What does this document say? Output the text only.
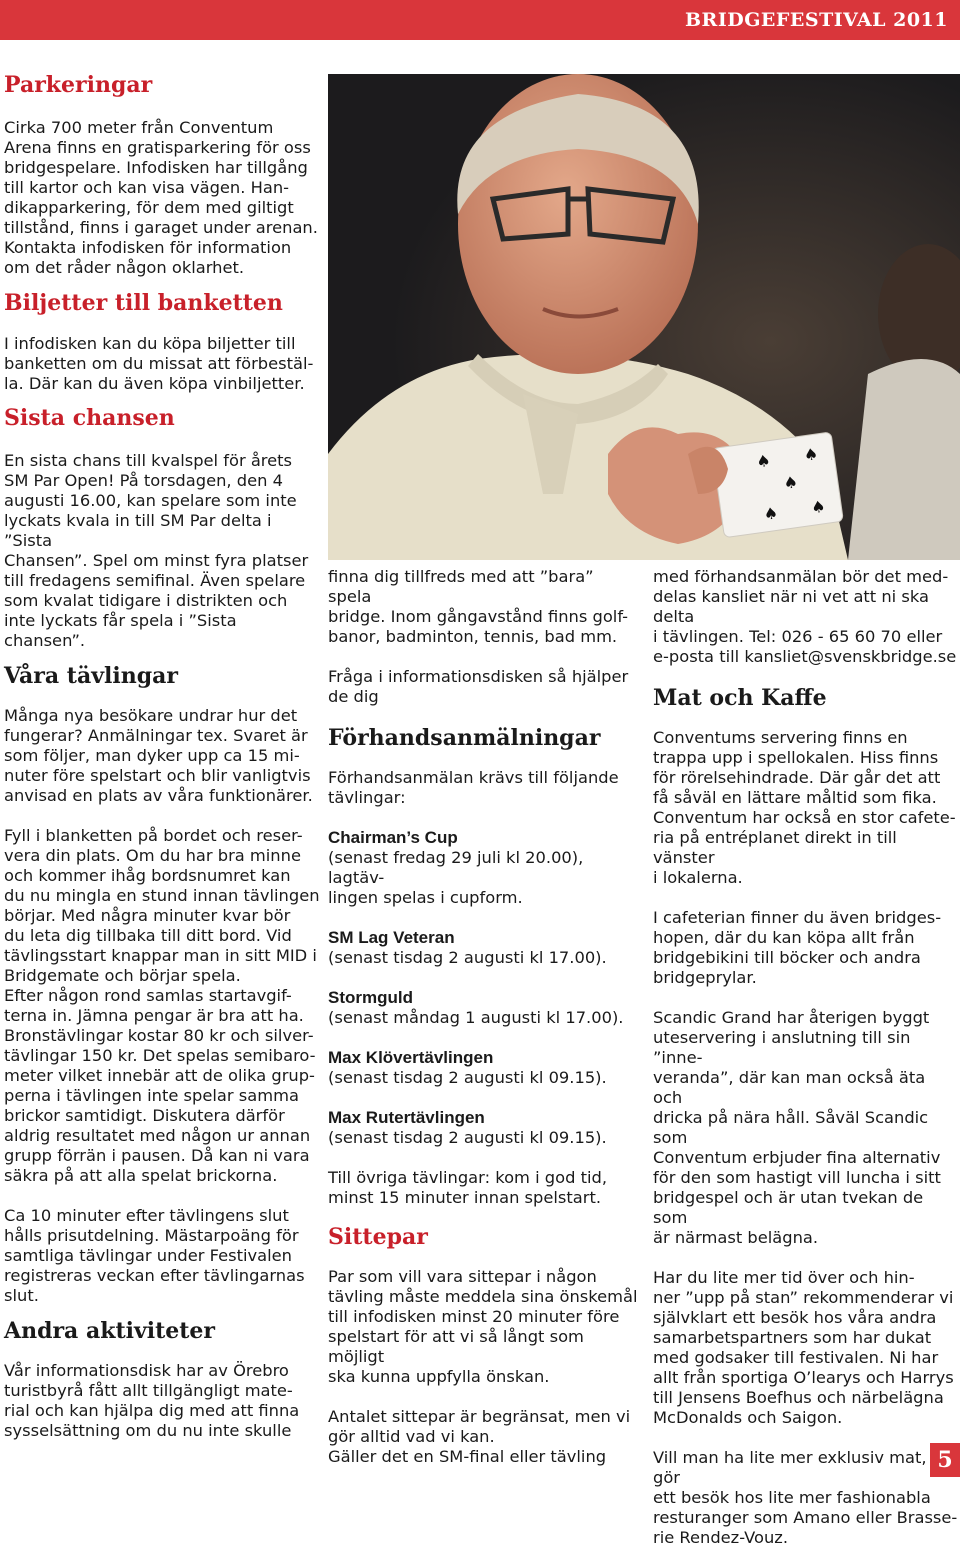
BRIDGEFESTIVAL 2011
Parkeringar

Cirka 700 meter från Conventum
Arena finns en gratisparkering för oss
bridgespelare. Infodisken har tillgång
till kartor och kan visa vägen. Han-
dikapparkering, för dem med giltigt
tillstånd, finns i garaget under arenan.
Kontakta infodisken för information
om det råder någon oklarhet.

Biljetter till banketten

I infodisken kan du köpa biljetter till
banketten om du missat att förbestäl-
la. Där kan du även köpa vinbiljetter.

Sista chansen

En sista chans till kvalspel för årets
SM Par Open! På torsdagen, den 4
augusti 16.00, kan spelare som inte
lyckats kvala in till SM Par delta i ”Sista
Chansen”. Spel om minst fyra platser
till fredagens semifinal. Även spelare
som kvalat tidigare i distrikten och
inte lyckats får spela i ”Sista chansen”.

Våra tävlingar

Många nya besökare undrar hur det
fungerar? Anmälningar tex. Svaret är
som följer, man dyker upp ca 15 mi-
nuter före spelstart och blir vanligtvis
anvisad en plats av våra funktionärer.

Fyll i blanketten på bordet och reser-
vera din plats. Om du har bra minne
och kommer ihåg bordsnumret kan
du nu mingla en stund innan tävlingen
börjar. Med några minuter kvar bör
du leta dig tillbaka till ditt bord. Vid
tävlingsstart knappar man in sitt MID i
Bridgemate och börjar spela.
Efter någon rond samlas startavgif-
terna in. Jämna pengar är bra att ha.
Bronstävlingar kostar 80 kr och silver-
tävlingar 150 kr. Det spelas semibaro-
meter vilket innebär att de olika grup-
perna i tävlingen inte spelar samma
brickor samtidigt. Diskutera därför
aldrig resultatet med någon ur annan
grupp förrän i pausen. Då kan ni vara
säkra på att alla spelat brickorna.

Ca 10 minuter efter tävlingens slut
hålls prisutdelning. Mästarpoäng för
samtliga tävlingar under Festivalen
registreras veckan efter tävlingarnas
slut.

Andra aktiviteter

Vår informationsdisk har av Örebro
turistbyrå fått allt tillgängligt mate-
rial och kan hjälpa dig med att finna
sysselsättning om du nu inte skulle

♠ ♠
♠
♠ ♠

finna dig tillfreds med att ”bara” spela
bridge. Inom gångavstånd finns golf-
banor, badminton, tennis, bad mm.

Fråga i informationsdisken så hjälper
de dig

Förhandsanmälningar

Förhandsanmälan krävs till följande
tävlingar:

Chairman’s Cup

(senast fredag 29 juli kl 20.00), lagtäv-
lingen spelas i cupform.

SM Lag Veteran

(senast tisdag 2 augusti kl 17.00).

Stormguld

(senast måndag 1 augusti kl 17.00).

Max Klövertävlingen

(senast tisdag 2 augusti kl 09.15).

Max Rutertävlingen

(senast tisdag 2 augusti kl 09.15).

Till övriga tävlingar: kom i god tid,
minst 15 minuter innan spelstart.

Sittepar

Par som vill vara sittepar i någon
tävling måste meddela sina önskemål
till infodisken minst 20 minuter före
spelstart för att vi så långt som möjligt
ska kunna uppfylla önskan.

Antalet sittepar är begränsat, men vi
gör alltid vad vi kan.
Gäller det en SM-final eller tävling

med förhandsanmälan bör det med-
delas kansliet när ni vet att ni ska delta
i tävlingen. Tel: 026 - 65 60 70 eller
e-posta till kansliet@svenskbridge.se

Mat och Kaffe

Conventums servering finns en
trappa upp i spellokalen. Hiss finns
för rörelsehindrade. Där går det att
få såväl en lättare måltid som fika.
Conventum har också en stor cafete-
ria på entréplanet direkt in till vänster
i lokalerna.

I cafeterian finner du även bridges-
hopen, där du kan köpa allt från
bridgebikini till böcker och andra
bridgeprylar.

Scandic Grand har återigen byggt
uteservering i anslutning till sin ”inne-
veranda”, där kan man också äta och
dricka på nära håll. Såväl Scandic som
Conventum erbjuder fina alternativ
för den som hastigt vill luncha i sitt
bridgespel och är utan tvekan de som
är närmast belägna.

Har du lite mer tid över och hin-
ner ”upp på stan” rekommenderar vi
självklart ett besök hos våra andra
samarbetspartners som har dukat
med godsaker till festivalen. Ni har
allt från sportiga O’learys och Harrys
till Jensens Boefhus och närbelägna
McDonalds och Saigon.

Vill man ha lite mer exklusiv mat, gör
ett besök hos lite mer fashionabla
resturanger som Amano eller Brasse-
rie Rendez-Vouz.

5
